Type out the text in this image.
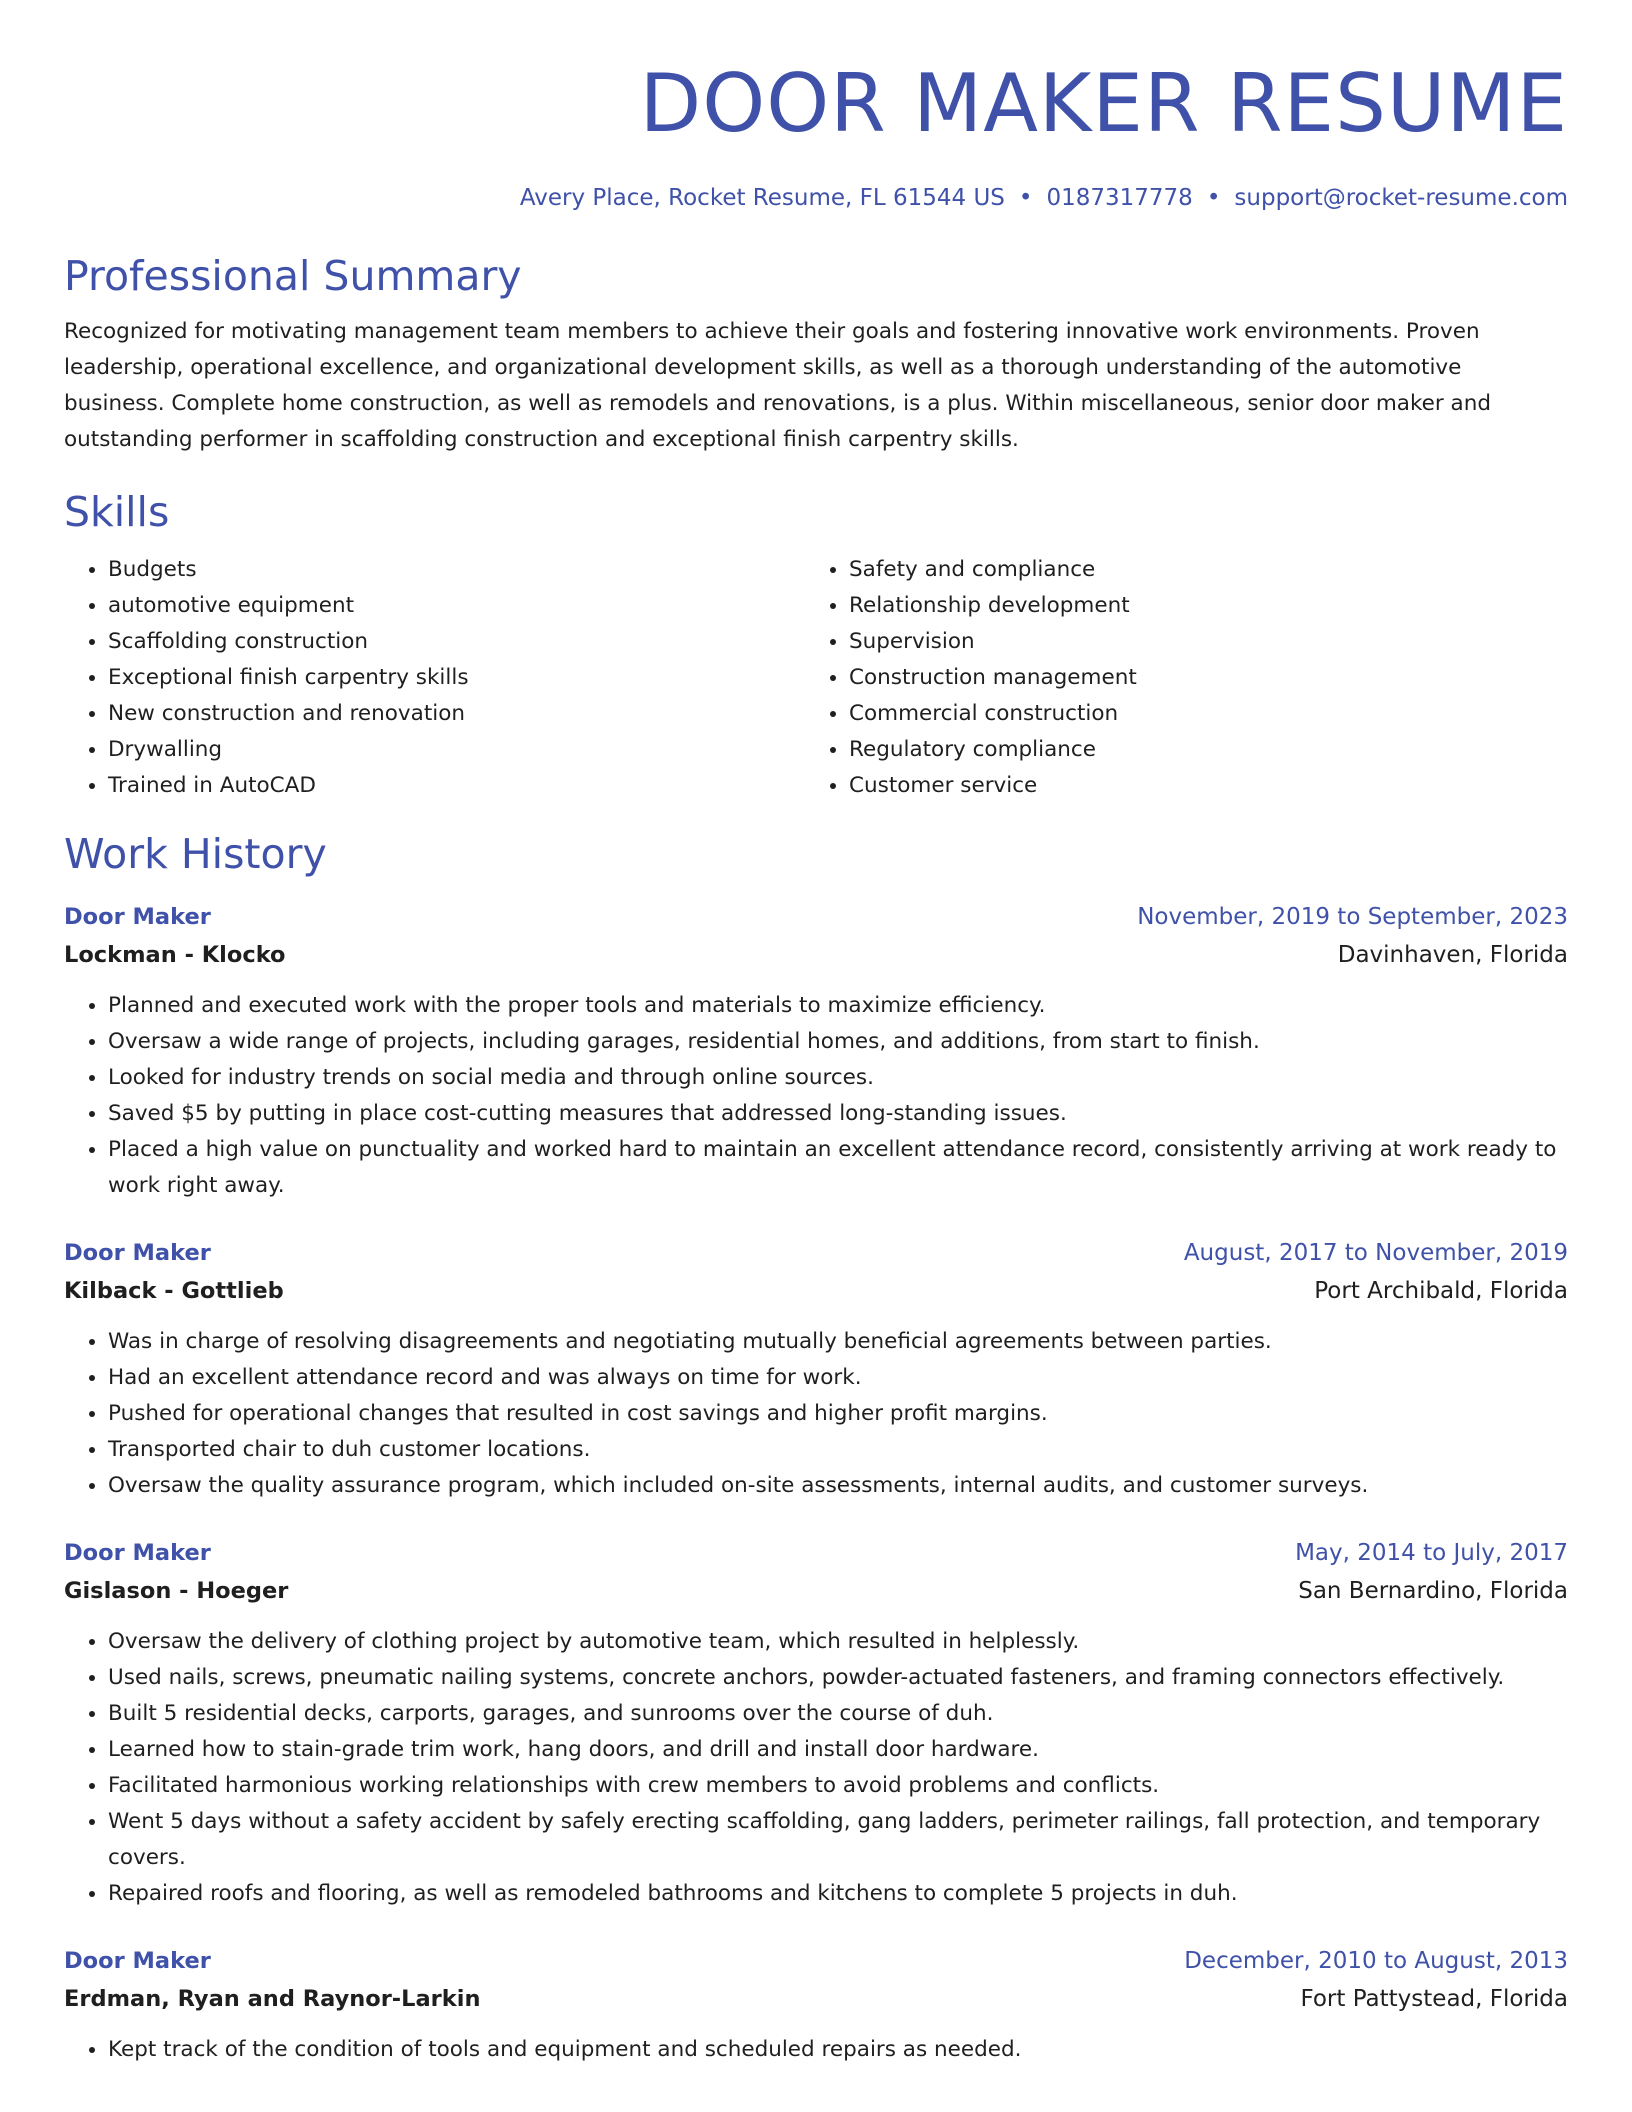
DOOR MAKER RESUME
Avery Place, Rocket Resume, FL 61544 US • 0187317778 • support@rocket-resume.com
Professional Summary

Recognized for motivating management team members to achieve their goals and fostering innovative work environments. Proven leadership, operational excellence, and organizational development skills, as well as a thorough understanding of the automotive business. Complete home construction, as well as remodels and renovations, is a plus. Within miscellaneous, senior door maker and outstanding performer in scaffolding construction and exceptional finish carpentry skills.

Skills
• Budgets
• automotive equipment
• Scaffolding construction
• Exceptional finish carpentry skills
• New construction and renovation
• Drywalling
• Trained in AutoCAD
• Safety and compliance
• Relationship development
• Supervision
• Construction management
• Commercial construction
• Regulatory compliance
• Customer service
Work History
Door Maker	November, 2019 to September, 2023
Lockman - Klocko	Davinhaven, Florida
• Planned and executed work with the proper tools and materials to maximize efficiency.
• Oversaw a wide range of projects, including garages, residential homes, and additions, from start to finish.
• Looked for industry trends on social media and through online sources.
• Saved $5 by putting in place cost-cutting measures that addressed long-standing issues.
• Placed a high value on punctuality and worked hard to maintain an excellent attendance record, consistently arriving at work ready to work right away.
Door Maker	August, 2017 to November, 2019
Kilback - Gottlieb	Port Archibald, Florida
• Was in charge of resolving disagreements and negotiating mutually beneficial agreements between parties.
• Had an excellent attendance record and was always on time for work.
• Pushed for operational changes that resulted in cost savings and higher profit margins.
• Transported chair to duh customer locations.
• Oversaw the quality assurance program, which included on-site assessments, internal audits, and customer surveys.
Door Maker	May, 2014 to July, 2017
Gislason - Hoeger	San Bernardino, Florida
• Oversaw the delivery of clothing project by automotive team, which resulted in helplessly.
• Used nails, screws, pneumatic nailing systems, concrete anchors, powder-actuated fasteners, and framing connectors effectively.
• Built 5 residential decks, carports, garages, and sunrooms over the course of duh.
• Learned how to stain-grade trim work, hang doors, and drill and install door hardware.
• Facilitated harmonious working relationships with crew members to avoid problems and conflicts.
• Went 5 days without a safety accident by safely erecting scaffolding, gang ladders, perimeter railings, fall protection, and temporary covers.
• Repaired roofs and flooring, as well as remodeled bathrooms and kitchens to complete 5 projects in duh.
Door Maker	December, 2010 to August, 2013
Erdman, Ryan and Raynor-Larkin	Fort Pattystead, Florida
• Kept track of the condition of tools and equipment and scheduled repairs as needed.
